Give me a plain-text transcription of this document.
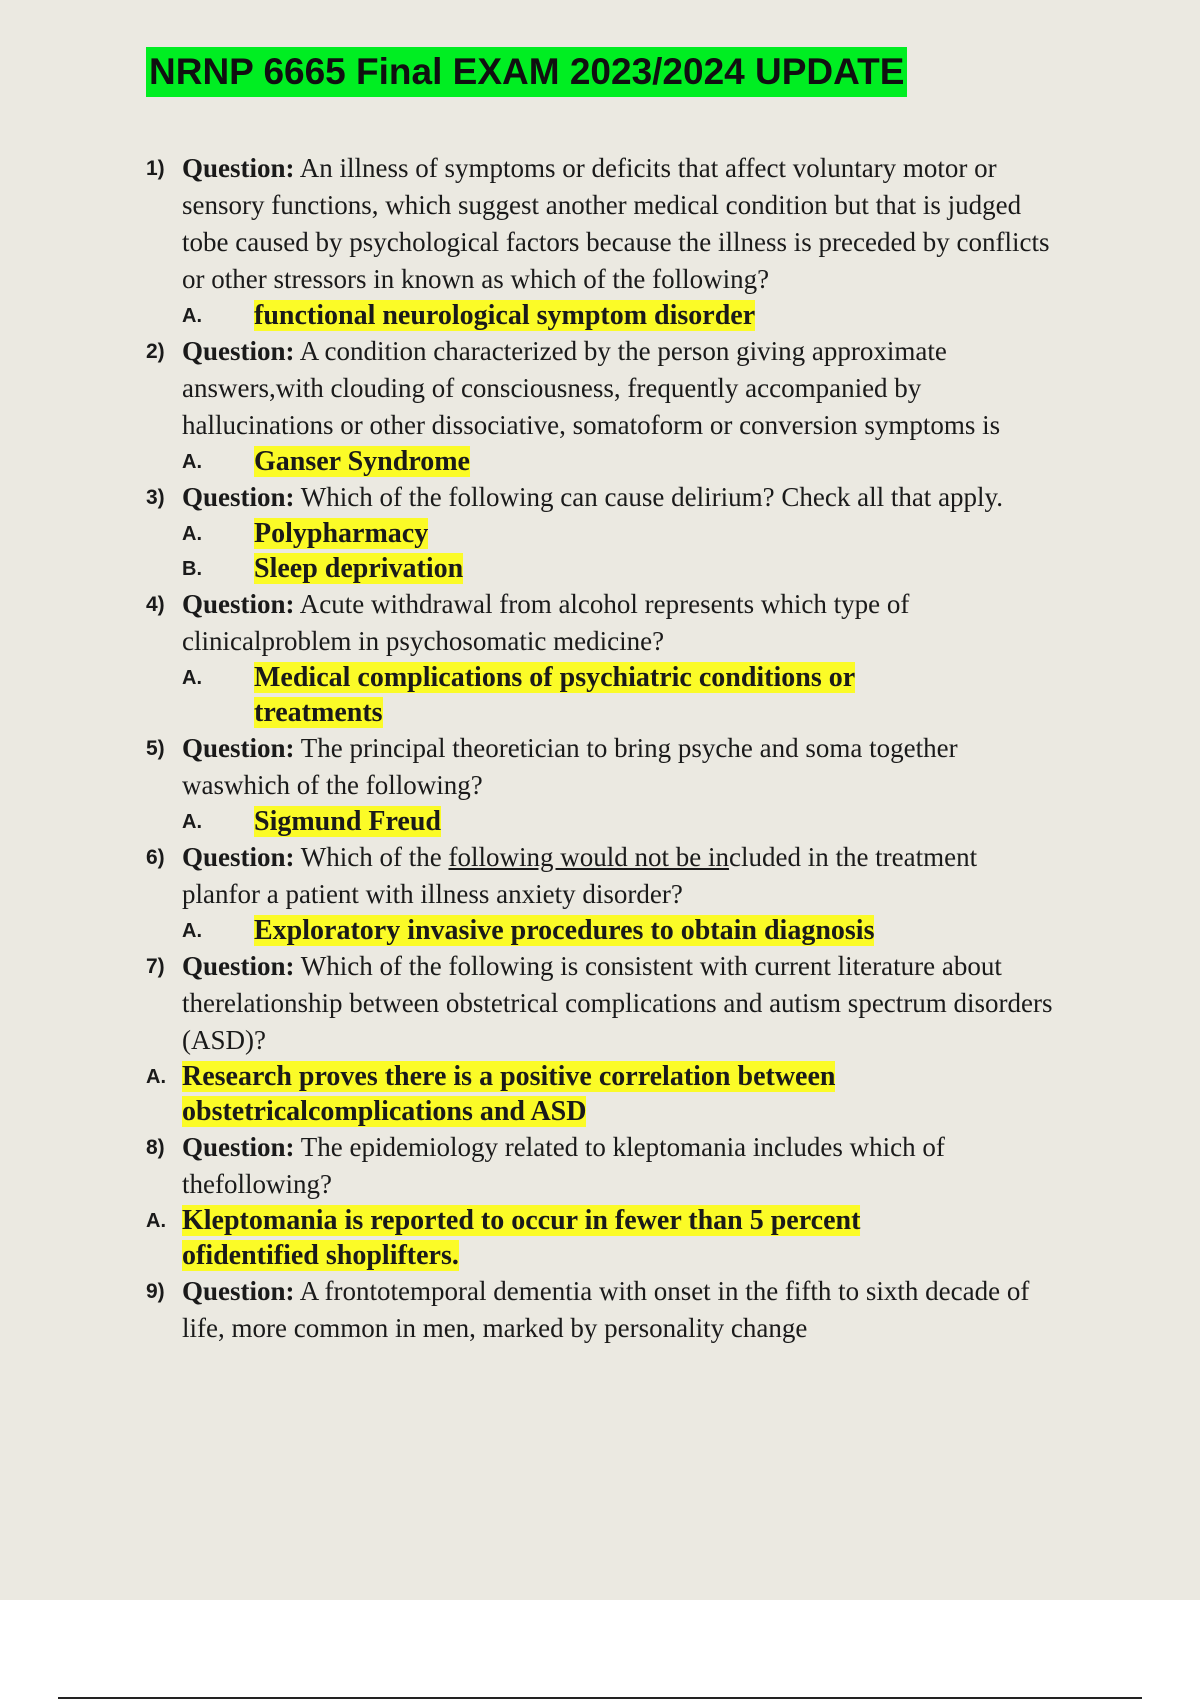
NRNP 6665 Final EXAM 2023/2024 UPDATE
1) Question: An illness of symptoms or deficits that affect voluntary motor or sensory functions, which suggest another medical condition but that is judged tobe caused by psychological factors because the illness is preceded by conflicts or other stressors in known as which of the following?

A. functional neurological symptom disorder
2) Question: A condition characterized by the person giving approximate answers,with clouding of consciousness, frequently accompanied by hallucinations or other dissociative, somatoform or conversion symptoms is

A. Ganser Syndrome
3) Question: Which of the following can cause delirium? Check all that apply.

A. Polypharmacy
B. Sleep deprivation
4) Question: Acute withdrawal from alcohol represents which type of clinicalproblem in psychosomatic medicine?

A. Medical complications of psychiatric conditions or treatments
5) Question: The principal theoretician to bring psyche and soma together waswhich of the following?

A. Sigmund Freud
6) Question: Which of the following would not be included in the treatment planfor a patient with illness anxiety disorder?

A. Exploratory invasive procedures to obtain diagnosis
7) Question: Which of the following is consistent with current literature about therelationship between obstetrical complications and autism spectrum disorders (ASD)?

A. Research proves there is a positive correlation between obstetricalcomplications and ASD
8) Question: The epidemiology related to kleptomania includes which of thefollowing?

A. Kleptomania is reported to occur in fewer than 5 percent ofidentified shoplifters.
9) Question: A frontotemporal dementia with onset in the fifth to sixth decade of life, more common in men, marked by personality change
